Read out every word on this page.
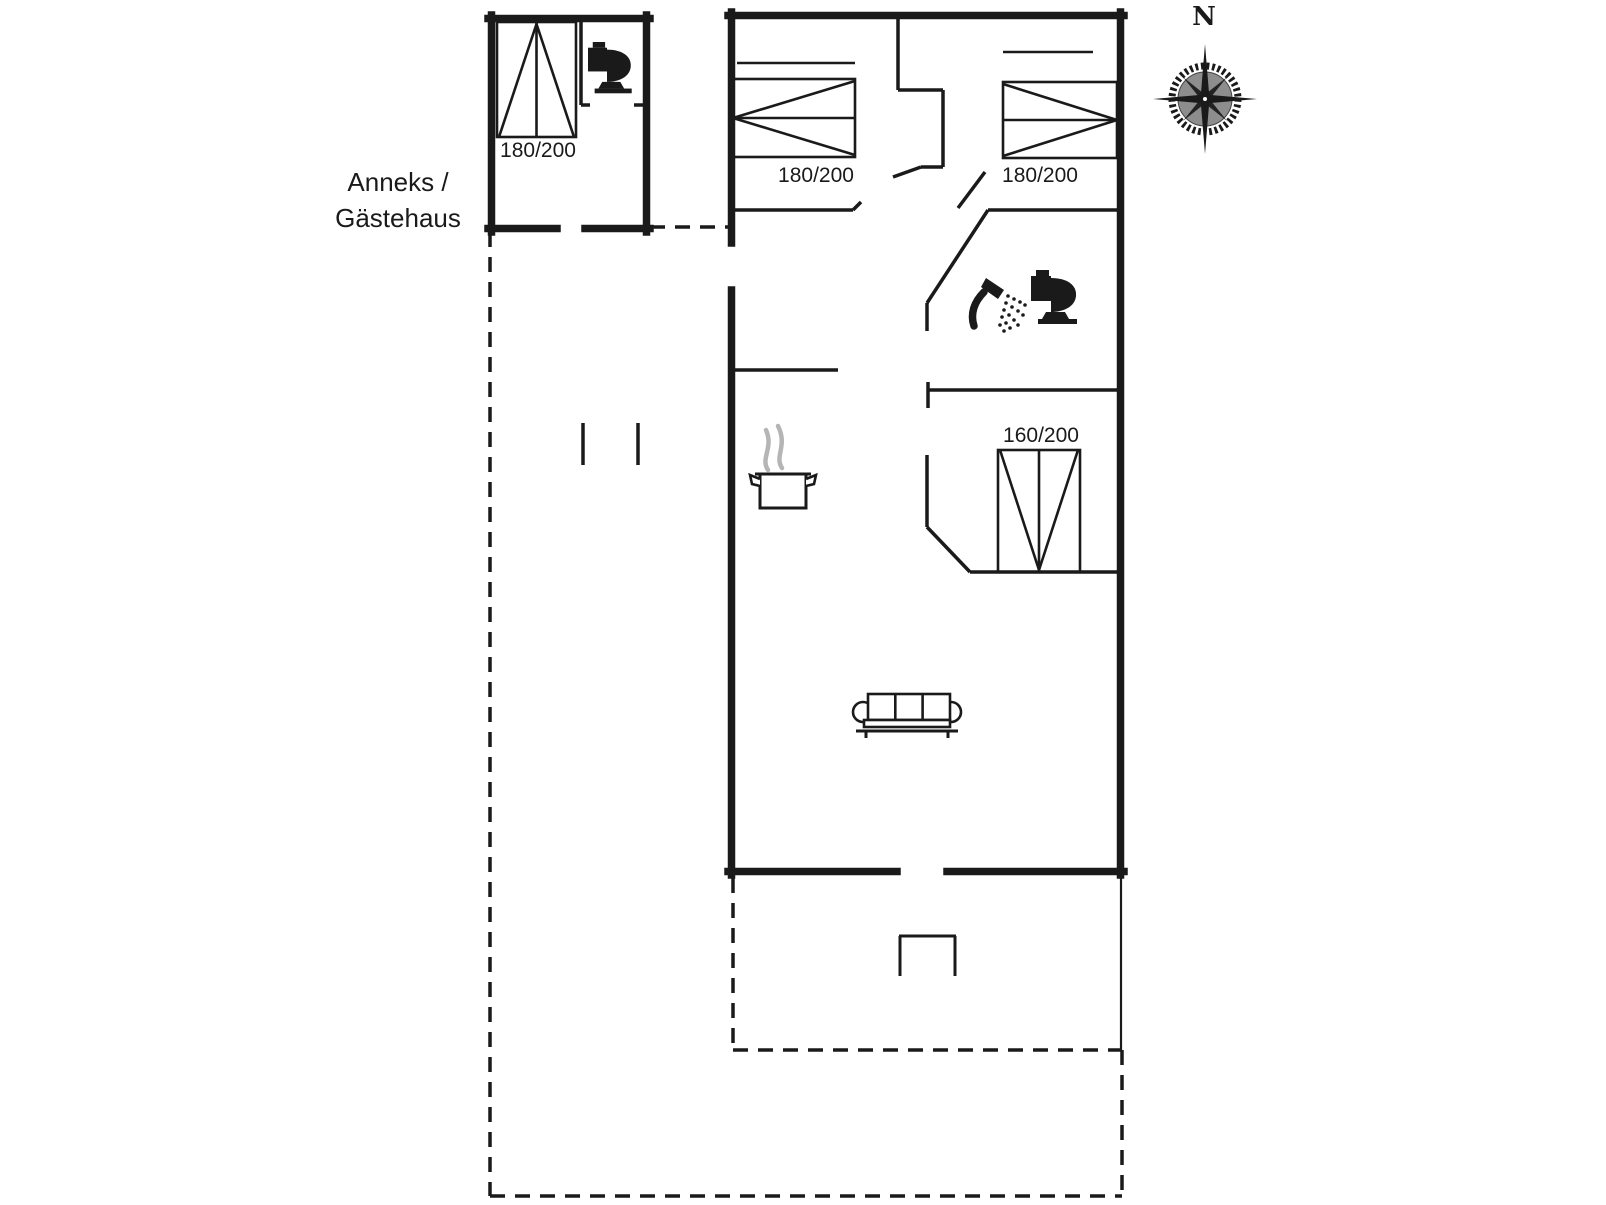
Anneks /
Gästehaus
180/200
180/200	180/200
160/200
N
